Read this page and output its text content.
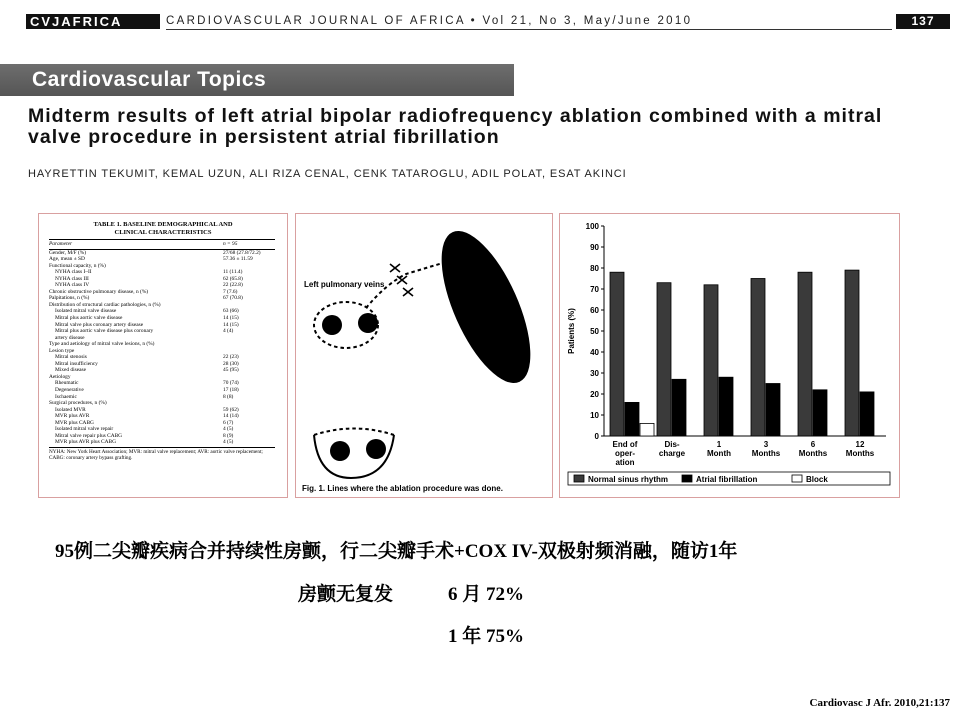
CVJAFRICA	CARDIOVASCULAR JOURNAL OF AFRICA • Vol 21, No 3, May/June 2010	137
Cardiovascular Topics
Midterm results of left atrial bipolar radiofrequency ablation combined with a mitral valve procedure in persistent atrial fibrillation
HAYRETTIN TEKUMIT, KEMAL UZUN, ALI RIZA CENAL, CENK TATAROGLU, ADIL POLAT, ESAT AKINCI
TABLE 1. BASELINE DEMOGRAPHICAL AND
CLINICAL CHARACTERISTICS
Parameter	n = 95
Gender, M/F (%)	27/68 (27.8/72.2)
Age, mean ± SD	57.36 ± 11.59
Functional capacity, n (%)	
NYHA class I–II	11 (11.4)
NYHA class III	62 (65.8)
NYHA class IV	22 (22.8)
Chronic obstructive pulmonary disease, n (%)	7 (7.6)
Palpitations, n (%)	67 (70.8)
Distribution of structural cardiac pathologies, n (%)	
Isolated mitral valve disease	63 (66)
Mitral plus aortic valve disease	14 (15)
Mitral valve plus coronary artery disease	14 (15)
Mitral plus aortic valve disease plus coronary	4 (4)
artery disease	
Type and aetiology of mitral valve lesions, n (%)	
Lesion type	
Mitral stenosis	22 (23)
Mitral insufficiency	28 (30)
Mixed disease	45 (95)
Aetiology	
Rheumatic	70 (74)
Degenerative	17 (18)
Ischaemic	8 (8)
Surgical procedures, n (%)	
Isolated MVR	59 (62)
MVR plus AVR	14 (14)
MVR plus CABG	6 (7)
Isolated mitral valve repair	4 (5)
Mitral valve repair plus CABG	8 (9)
MVR plus AVR plus CABG	4 (5)
NYHA: New York Heart Association; MVR: mitral valve replacement; AVR: aortic valve replacement; CABG: coronary artery bypass grafting.
Left pulmonary veins
Fig. 1. Lines where the ablation procedure was done.
0
10
20
30
40
50
60
70
80
90
100
Patients (%)
End of
oper-
ation
Dis-
charge
1
Month
3
Months
6
Months
12
Months
Normal sinus rhythm	Atrial fibrillation	Block
95例二尖瓣疾病合并持续性房颤，行二尖瓣手术+COX IV-双极射频消融，随访1年
房颤无复发	6 月 72%
1 年 75%
Cardiovasc J Afr. 2010,21:137
